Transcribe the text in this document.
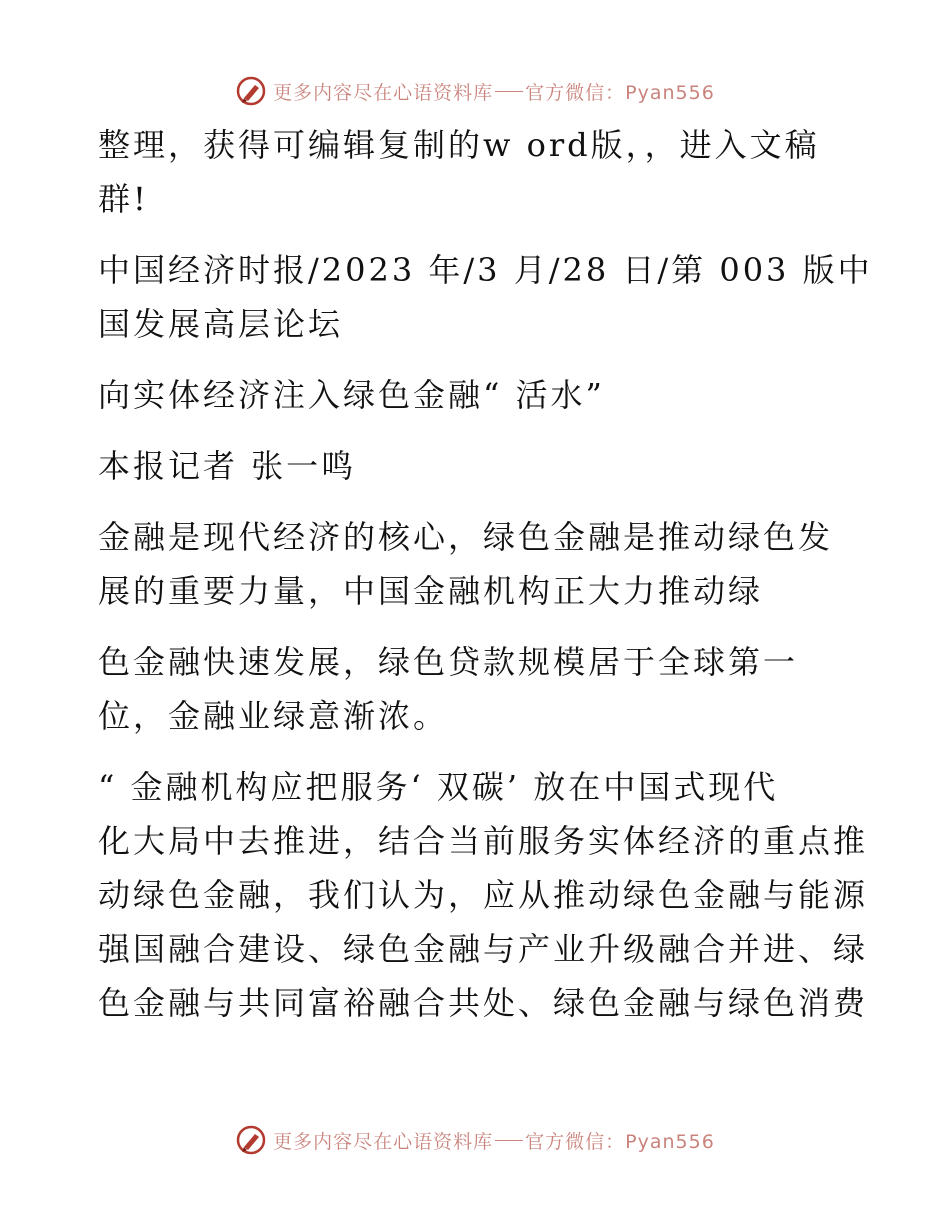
更多内容尽在心语资料库 官方微信：Pyan556

整理，获得可编辑复制的w ord版，，进入文稿
群!

中国经济时报/2023 年/3 月/28 日/第 003 版中
国发展高层论坛

向实体经济注入绿色金融“ 活水”

本报记者 张一鸣

金融是现代经济的核心，绿色金融是推动绿色发
展的重要力量，中国金融机构正大力推动绿

色金融快速发展，绿色贷款规模居于全球第一
位，金融业绿意渐浓。

“ 金融机构应把服务‘ 双碳’ 放在中国式现代
化大局中去推进，结合当前服务实体经济的重点推
动绿色金融，我们认为，应从推动绿色金融与能源
强国融合建设、绿色金融与产业升级融合并进、绿
色金融与共同富裕融合共处、绿色金融与绿色消费

更多内容尽在心语资料库 官方微信：Pyan556
